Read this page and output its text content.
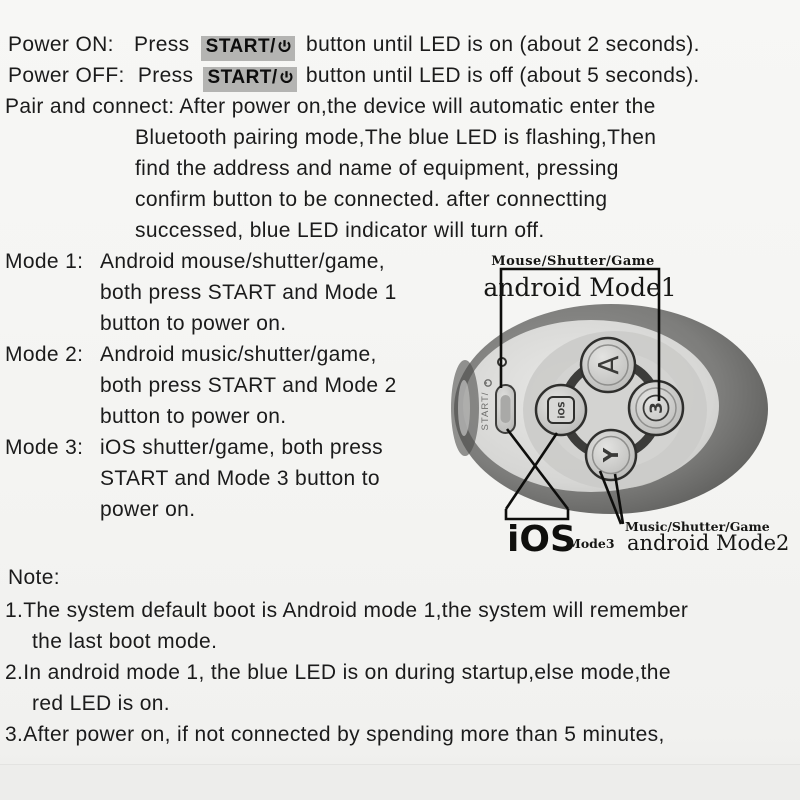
Power ON: Press START/ button until LED is on (about 2 seconds).
Power OFF: Press START/ button until LED is off (about 5 seconds).
Pair and connect: After power on,the device will automatic enter the
Bluetooth pairing mode,The blue LED is flashing,Then
find the address and name of equipment, pressing
confirm button to be connected. after connectting
successed, blue LED indicator will turn off.
Mode 1: Android mouse/shutter/game,
both press START and Mode 1
button to power on.
Mode 2: Android music/shutter/game,
both press START and Mode 2
button to power on.
Mode 3: iOS shutter/game, both press
START and Mode 3 button to
power on.
START/
A
3
Y
iOS
Mouse/Shutter/Game
android Mode1
iOS
Mode3
Music/Shutter/Game
android Mode2
Note:
1.The system default boot is Android mode 1,the system will remember
the last boot mode.
2.In android mode 1, the blue LED is on during startup,else mode,the
red LED is on.
3.After power on, if not connected by spending more than 5 minutes,
